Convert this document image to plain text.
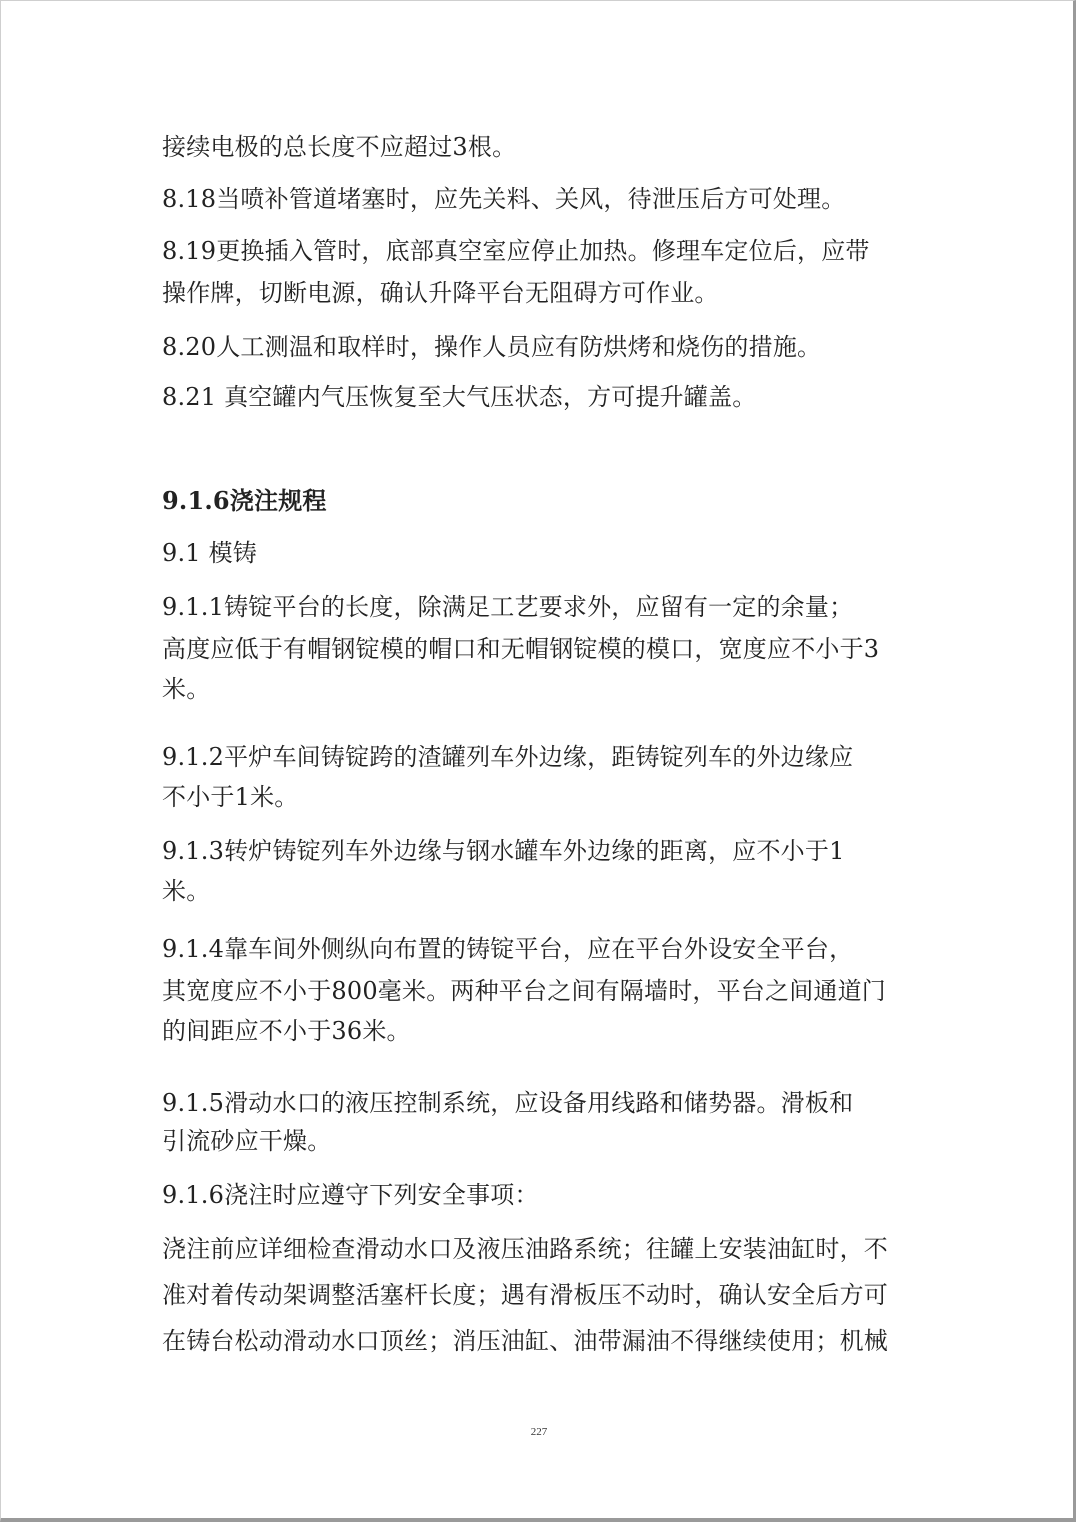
接续电极的总长度不应超过3根。
8.18当喷补管道堵塞时，应先关料、关风，待泄压后方可处理。
8.19更换插入管时，底部真空室应停止加热。修理车定位后，应带
操作牌，切断电源，确认升降平台无阻碍方可作业。
8.20人工测温和取样时，操作人员应有防烘烤和烧伤的措施。
8.21 真空罐内气压恢复至大气压状态，方可提升罐盖。
9.1.6浇注规程
9.1 模铸
9.1.1铸锭平台的长度，除满足工艺要求外，应留有一定的余量；
高度应低于有帽钢锭模的帽口和无帽钢锭模的模口，宽度应不小于3
米。
9.1.2平炉车间铸锭跨的渣罐列车外边缘，距铸锭列车的外边缘应
不小于1米。
9.1.3转炉铸锭列车外边缘与钢水罐车外边缘的距离，应不小于1
米。
9.1.4靠车间外侧纵向布置的铸锭平台，应在平台外设安全平台，
其宽度应不小于800毫米。两种平台之间有隔墙时，平台之间通道门
的间距应不小于36米。
9.1.5滑动水口的液压控制系统，应设备用线路和储势器。滑板和
引流砂应干燥。
9.1.6浇注时应遵守下列安全事项：
浇注前应详细检查滑动水口及液压油路系统；往罐上安装油缸时，不
准对着传动架调整活塞杆长度；遇有滑板压不动时，确认安全后方可
在铸台松动滑动水口顶丝；消压油缸、油带漏油不得继续使用；机械
227
